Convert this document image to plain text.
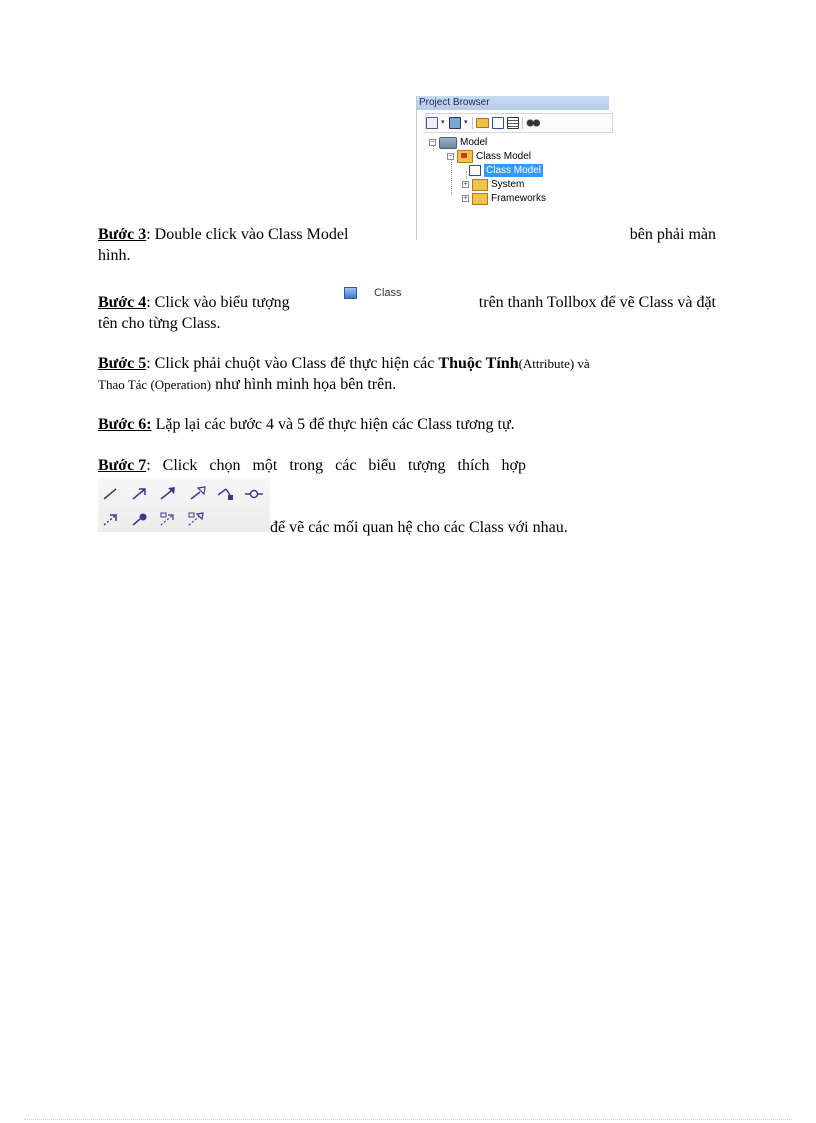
Project Browser
▾	▾
−	Model
− Class Model
Class Model
+ System
+ Frameworks
Bước 3: Double click vào Class Model	bên phải màn
hình.
Class
Bước 4: Click vào biểu tượng	trên thanh Tollbox để vẽ Class và đặt
tên cho từng Class.
Bước 5: Click phải chuột vào Class để thực hiện các Thuộc Tính(Attribute) và
Thao Tác (Operation) như hình minh họa bên trên.
Bước 6: Lặp lại các bước 4 và 5 để thực hiện các Class tương tự.
Bước 7:   Click   chọn   một   trong   các   biểu   tượng   thích   hợp
để vẽ các mối quan hệ cho các Class với nhau.
